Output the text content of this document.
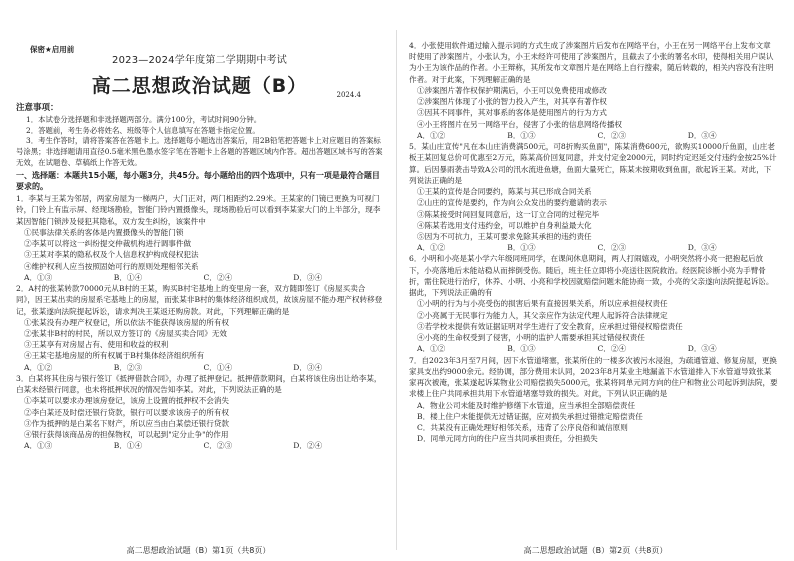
保密★启用前
2023—2024学年度第二学期期中考试
高二思想政治试题（B）	2024.4
注意事项：

1．本试卷分选择题和非选择题两部分。满分100分，考试时间90分钟。

2．答题前，考生务必将姓名、班级等个人信息填写在答题卡指定位置。

3．考生作答时，请将答案答在答题卡上。选择题每小题选出答案后，用2B铅笔把答题卡上对应题目的答案标号涂黑；非选择题请用直径0.5毫米黑色墨水签字笔在答题卡上各题的答题区域内作答。超出答题区域书写的答案无效，在试题卷、草稿纸上作答无效。

一、选择题：本题共15小题，每小题3分，共45分。每小题给出的四个选项中，只有一项是最符合题目要求的。

1．李某与王某为邻居，两家房屋为一梯两户，大门正对，两门相距约2.29米。王某家的门镜已更换为可视门铃，门铃上有监示屏、经现场勘验，智能门铃内置摄像头，现场勘验后可以看到李某家大门的上半部分，现李某因智能门锁涉及侵犯其隐私，双方发生纠纷，该案件中

①民事法律关系的客体是内置摄像头的智能门锁

②李某可以将这一纠纷提交仲裁机构进行调事件做

③王某对李某的隐私权及个人信息权护构成侵权犯法

④维护权利人应当按照固始可行的原则处理相邻关系

A．①③	B．①④	C．②④	D．③④

2．A村的张某转款70000元从B村的王某，购买B村宅基地上的变里房一套，双方随即签订《房屋买卖合同》，因王某出卖的房屋系宅基地上的房屋，而张某非B村的集体经济组织成员，故该房屋不能办理产权转移登记，张某遂向法院提起诉讼，请求判决王某返还购房款。对此，下列理解正确的是

①张某没有办理产权登记，所以依法不能获得该房屋的所有权

②张某非B村的村民，所以双方签订的《房屋买卖合同》无效

③王某享有对房屋占有、使用和收益的权利

④王某宅基地房屋的所有权属于B村集体经济组织所有

A．①②	B．②③	C．①④	D．③④

3．白某将其住房与银行签订《抵押借款合同》，办理了抵押登记。抵押借款期间，白某将该住房出让给李某，白某未经银行同意，也未将抵押状况的情况告知李某。对此，下列说法正确的是

①李某可以要求办理该房登记，该房上设置的抵押权不会消失

②李白某还及时偿还银行贷款，银行可以要求该房子的所有权

③作为抵押的是白某名下财产，所以应当由白某偿还银行贷款

④银行获得该商品房的担保物权，可以起到"定分止争"的作用

A．①③	B．①④	C．②③	D．②④
高二思想政治试题（B）第1页（共8页）

4．小张使用软件通过输入提示词的方式生成了涉案图片后发布在网络平台，小王在另一网络平台上发布文章时使用了涉案图片，小张认为，小王未经许可使用了涉案图片，且截去了小张的署名水印，使得相关用户误认为小王为该作品的作者。小王辩称，其所发布文章图片是在网络上自行搜索，随后转载的，相关内容没有注明作者。对于此案，下列理解正确的是

①涉案图片著作权保护期满后，小王可以免费使用或修改

②涉案图片体现了小张的智力投入产生，对其享有著作权

③因其不同事件，其对事系的客体是使用图片的行为方式

④小王将图片在另一网络平台，侵害了小张的信息网络传播权

A．①②	B．①③	C．②③	D．③④

5．某山庄宣传"凡在本山庄消费满500元，可8折购买鱼面"，陈某消费600元，欲购买10000斤鱼面，山庄老板王某回复总价可优惠至2万元，陈某高价回复同意，并支付定金2000元，同时约定迟延交付违约金按25%计算。后因暴雨袭击导致A公司的汛水流进鱼塘，鱼面大量死亡，陈某未按期收到鱼面，欲起诉王某。对此，下列说法正确的是

①王某的宣传是合同要约，陈某与其已形成合同关系

②山庄的宣传是要约，作为向公众发出的要约邀请的表示

③陈某接受时间回复同意后，这一订立合同的过程完毕

④陈某若选用支付违约金，可以维护自身利益最大化

⑤因为不可抗力，王某可要求免除其承担的违约责任

A．①②	B．①③	C．②③	D．③④

6．小明和小亮是某小学六年级同班同学，在课间休息期间，两人打闹嬉戏，小明突然将小亮一把抱起后放下，小亮落地后未能站稳从而摔倒受伤。随后，班主任立即将小亮送往医院救治。经医院诊断小亮为手臂骨折，需住院进行治疗，休养、小明、小亮和学校因就赔偿问题未能协商一致，小亮的父亲遂向法院提起诉讼。据此，下列说法正确的有

①小明的行为与小亮受伤的损害后果有直接因果关系，所以应承担侵权责任

②小亮属于无民事行为能力人，其父亲应作为法定代理人起诉符合法律规定

③若学校未提供有效证据证明对学生进行了安全教育，应承担过错侵权赔偿责任

④小亮的生命权受到了侵害，小明的监护人需要承担其过错侵权责任

A．①②	B．①③	C．②④	D．③④

7．自2023年3月至7月间，因下水管道堵塞，张某所住的一楼多次被污水浸泡，为疏通管道、修复房屋，更换家具支出约9000余元。经协调，部分费用未认同，2023年8月某业主地漏盖下水管道排入下水管道导致张某家再次被淹，张某遂起诉某物业公司赔偿损失5000元，张某将同单元同方向的住户和物业公司起诉到法院，要求楼上住户共同承担共用下水管道堵塞导致的损失。对此，下列认识正确的是

A．物业公司未能及时维护修缮下水管道，应当承担全部赔偿责任

B．楼上住户未能提供无过错证据，应对损失承担过错推定赔偿责任

C．共某没有正确处理好相邻关系，违背了公序良俗和诚信原则

D．同单元同方向的住户应当共同承担责任，分担损失

高二思想政治试题（B）第2页（共8页）
